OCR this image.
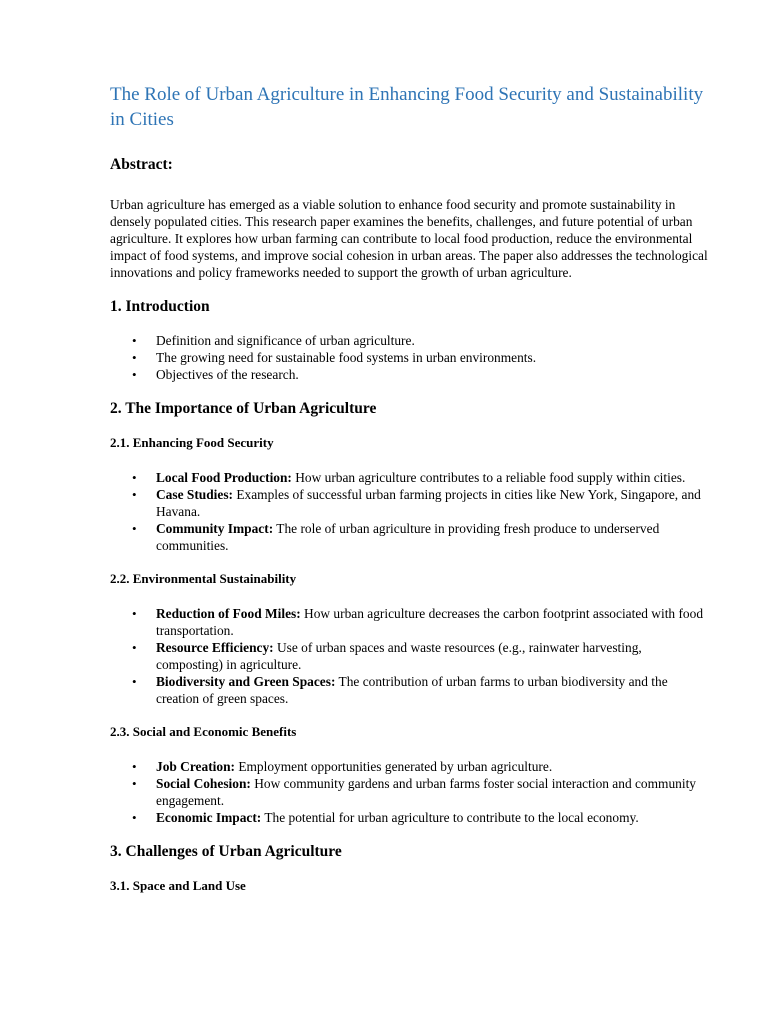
The Role of Urban Agriculture in Enhancing Food Security and Sustainability in Cities
Abstract:

Urban agriculture has emerged as a viable solution to enhance food security and promote sustainability in densely populated cities. This research paper examines the benefits, challenges, and future potential of urban agriculture. It explores how urban farming can contribute to local food production, reduce the environmental impact of food systems, and improve social cohesion in urban areas. The paper also addresses the technological innovations and policy frameworks needed to support the growth of urban agriculture.

1. Introduction
• Definition and significance of urban agriculture.
• The growing need for sustainable food systems in urban environments.
• Objectives of the research.
2. The Importance of Urban Agriculture
2.1. Enhancing Food Security
• Local Food Production: How urban agriculture contributes to a reliable food supply within cities.
• Case Studies: Examples of successful urban farming projects in cities like New York, Singapore, and Havana.
• Community Impact: The role of urban agriculture in providing fresh produce to underserved communities.
2.2. Environmental Sustainability
• Reduction of Food Miles: How urban agriculture decreases the carbon footprint associated with food transportation.
• Resource Efficiency: Use of urban spaces and waste resources (e.g., rainwater harvesting, composting) in agriculture.
• Biodiversity and Green Spaces: The contribution of urban farms to urban biodiversity and the creation of green spaces.
2.3. Social and Economic Benefits
• Job Creation: Employment opportunities generated by urban agriculture.
• Social Cohesion: How community gardens and urban farms foster social interaction and community engagement.
• Economic Impact: The potential for urban agriculture to contribute to the local economy.
3. Challenges of Urban Agriculture
3.1. Space and Land Use
